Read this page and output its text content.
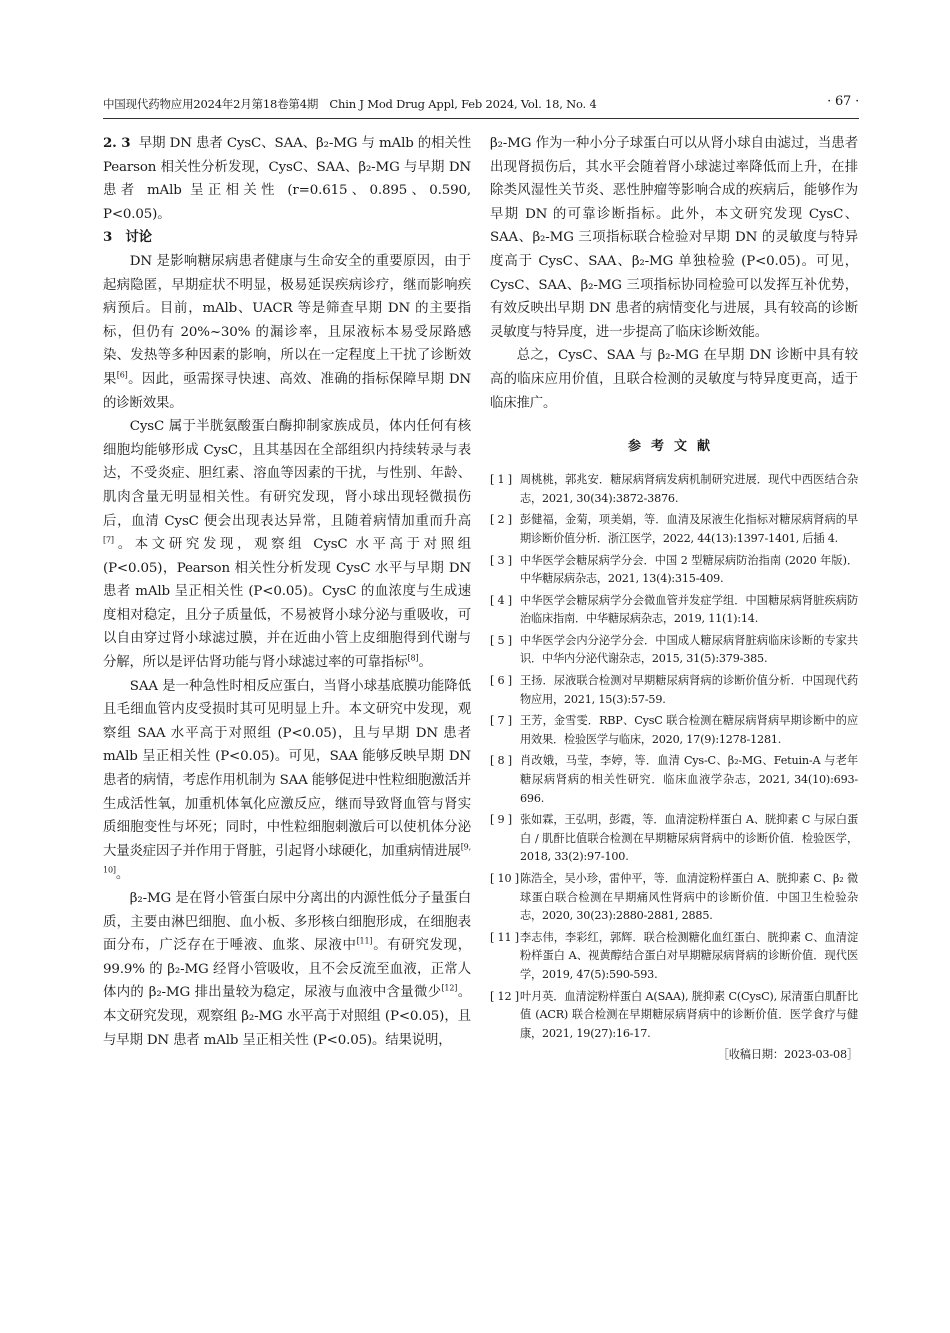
中国现代药物应用2024年2月第18卷第4期　Chin J Mod Drug Appl, Feb 2024, Vol. 18, No. 4	· 67 ·

2. 3 早期 DN 患者 CysC、SAA、β₂-MG 与 mAlb 的相关性　Pearson 相关性分析发现，CysC、SAA、β₂-MG 与早期 DN 患者 mAlb 呈正相关性 (r=0.615、0.895、0.590, P<0.05)。

3　讨论

DN 是影响糖尿病患者健康与生命安全的重要原因，由于起病隐匿，早期症状不明显，极易延误疾病诊疗，继而影响疾病预后。目前，mAlb、UACR 等是筛查早期 DN 的主要指标，但仍有 20%~30% 的漏诊率，且尿液标本易受尿路感染、发热等多种因素的影响，所以在一定程度上干扰了诊断效果[6]。因此，亟需探寻快速、高效、准确的指标保障早期 DN 的诊断效果。

CysC 属于半胱氨酸蛋白酶抑制家族成员，体内任何有核细胞均能够形成 CysC，且其基因在全部组织内持续转录与表达，不受炎症、胆红素、溶血等因素的干扰，与性别、年龄、肌肉含量无明显相关性。有研究发现，肾小球出现轻微损伤后，血清 CysC 便会出现表达异常，且随着病情加重而升高[7]。本文研究发现，观察组 CysC 水平高于对照组 (P<0.05)，Pearson 相关性分析发现 CysC 水平与早期 DN 患者 mAlb 呈正相关性 (P<0.05)。CysC 的血浓度与生成速度相对稳定，且分子质量低，不易被肾小球分泌与重吸收，可以自由穿过肾小球滤过膜，并在近曲小管上皮细胞得到代谢与分解，所以是评估肾功能与肾小球滤过率的可靠指标[8]。

SAA 是一种急性时相反应蛋白，当肾小球基底膜功能降低且毛细血管内皮受损时其可见明显上升。本文研究中发现，观察组 SAA 水平高于对照组 (P<0.05)，且与早期 DN 患者 mAlb 呈正相关性 (P<0.05)。可见，SAA 能够反映早期 DN 患者的病情，考虑作用机制为 SAA 能够促进中性粒细胞激活并生成活性氧，加重机体氧化应激反应，继而导致肾血管与肾实质细胞变性与坏死；同时，中性粒细胞刺激后可以使机体分泌大量炎症因子并作用于肾脏，引起肾小球硬化，加重病情进展[9, 10]。

β₂-MG 是在肾小管蛋白尿中分离出的内源性低分子量蛋白质，主要由淋巴细胞、血小板、多形核白细胞形成，在细胞表面分布，广泛存在于唾液、血浆、尿液中[11]。有研究发现，99.9% 的 β₂-MG 经肾小管吸收，且不会反流至血液，正常人体内的 β₂-MG 排出量较为稳定，尿液与血液中含量微少[12]。本文研究发现，观察组 β₂-MG 水平高于对照组 (P<0.05)，且与早期 DN 患者 mAlb 呈正相关性 (P<0.05)。结果说明，

β₂-MG 作为一种小分子球蛋白可以从肾小球自由滤过，当患者出现肾损伤后，其水平会随着肾小球滤过率降低而上升，在排除类风湿性关节炎、恶性肿瘤等影响合成的疾病后，能够作为早期 DN 的可靠诊断指标。此外，本文研究发现 CysC、SAA、β₂-MG 三项指标联合检验对早期 DN 的灵敏度与特异度高于 CysC、SAA、β₂-MG 单独检验 (P<0.05)。可见，CysC、SAA、β₂-MG 三项指标协同检验可以发挥互补优势，有效反映出早期 DN 患者的病情变化与进展，具有较高的诊断灵敏度与特异度，进一步提高了临床诊断效能。

总之，CysC、SAA 与 β₂-MG 在早期 DN 诊断中具有较高的临床应用价值，且联合检测的灵敏度与特异度更高，适于临床推广。

参考文献
[ 1 ] 周桃桃，郭兆安．糖尿病肾病发病机制研究进展．现代中西医结合杂志，2021, 30(34):3872-3876.
[ 2 ] 彭健福，金菊，项美娟，等．血清及尿液生化指标对糖尿病肾病的早期诊断价值分析．浙江医学，2022, 44(13):1397-1401, 后插 4.
[ 3 ] 中华医学会糖尿病学分会．中国 2 型糖尿病防治指南 (2020 年版)．中华糖尿病杂志，2021, 13(4):315-409.
[ 4 ] 中华医学会糖尿病学分会微血管并发症学组．中国糖尿病肾脏疾病防治临床指南．中华糖尿病杂志，2019, 11(1):14.
[ 5 ] 中华医学会内分泌学分会．中国成人糖尿病肾脏病临床诊断的专家共识．中华内分泌代谢杂志，2015, 31(5):379-385.
[ 6 ] 王扬．尿液联合检测对早期糖尿病肾病的诊断价值分析．中国现代药物应用，2021, 15(3):57-59.
[ 7 ] 王芳，金雪雯．RBP、CysC 联合检测在糖尿病肾病早期诊断中的应用效果．检验医学与临床，2020, 17(9):1278-1281.
[ 8 ] 肖改娥，马莹，李婷，等．血清 Cys-C、β₂-MG、Fetuin-A 与老年糖尿病肾病的相关性研究．临床血液学杂志，2021, 34(10):693-696.
[ 9 ] 张如霖，王弘明，彭霞，等．血清淀粉样蛋白 A、胱抑素 C 与尿白蛋白 / 肌酐比值联合检测在早期糖尿病肾病中的诊断价值．检验医学，2018, 33(2):97-100.
[ 10 ] 陈浩全，吴小珍，雷仲平，等．血清淀粉样蛋白 A、胱抑素 C、β₂ 微球蛋白联合检测在早期痛风性肾病中的诊断价值．中国卫生检验杂志，2020, 30(23):2880-2881, 2885.
[ 11 ] 李志伟，李彩红，郭辉．联合检测糖化血红蛋白、胱抑素 C、血清淀粉样蛋白 A、视黄醇结合蛋白对早期糖尿病肾病的诊断价值．现代医学，2019, 47(5):590-593.
[ 12 ] 叶月英．血清淀粉样蛋白 A(SAA), 胱抑素 C(CysC), 尿清蛋白肌酐比值 (ACR) 联合检测在早期糖尿病肾病中的诊断价值．医学食疗与健康，2021, 19(27):16-17.
［收稿日期：2023-03-08］
